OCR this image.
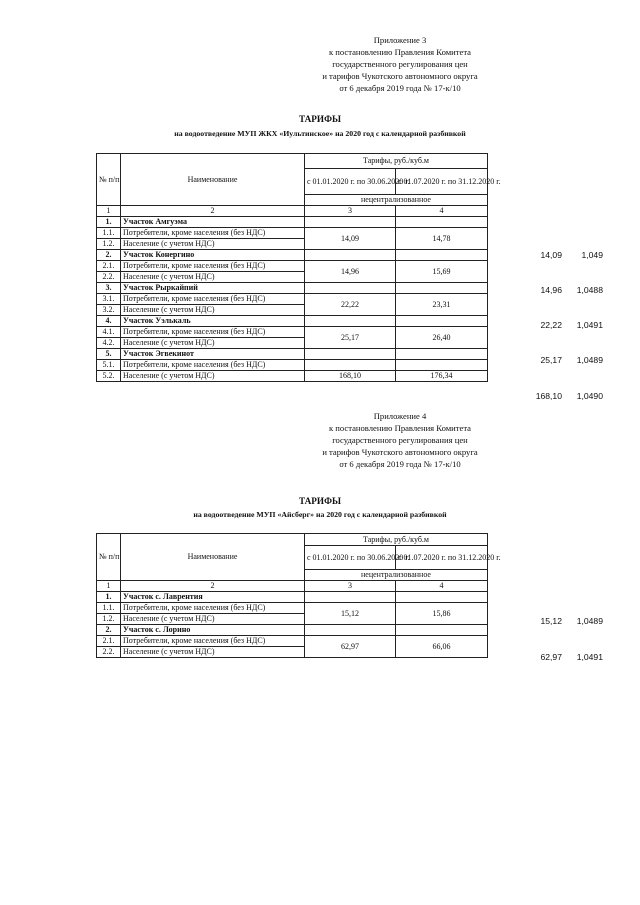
Приложение 3
к постановлению Правления Комитета
государственного регулирования цен
и тарифов Чукотского автономного округа
от 6 декабря 2019 года № 17-к/10
ТАРИФЫ
на водоотведение МУП ЖКХ «Иультинское» на 2020 год с календарной разбивкой
№ п/п	Наименование	Тарифы, руб./куб.м	
		с 01.01.2020 г. по 30.06.2020 г.	с 01.07.2020 г. по 31.12.2020 г.
		нецентрализованное	
1	2	3	4
1.	Участок Амгуэма		
1.1.	Потребители, кроме населения (без НДС)	14,09	14,78
1.2.	Население (с учетом НДС)		
2.	Участок Конергино		
2.1.	Потребители, кроме населения (без НДС)	14,96	15,69
2.2.	Население (с учетом НДС)		
3.	Участок Рыркайпий		
3.1.	Потребители, кроме населения (без НДС)	22,22	23,31
3.2.	Население (с учетом НДС)		
4.	Участок Уэлькаль		
4.1.	Потребители, кроме населения (без НДС)	25,17	26,40
4.2.	Население (с учетом НДС)		
5.	Участок Эгвекинот		
5.1.	Потребители, кроме населения (без НДС)		
5.2.	Население (с учетом НДС)	168,10	176,34
14,09	1,049
14,96	1,0488
22,22	1,0491
25,17	1,0489
168,10	1,0490
Приложение 4
к постановлению Правления Комитета
государственного регулирования цен
и тарифов Чукотского автономного округа
от 6 декабря 2019 года № 17-к/10
ТАРИФЫ
на водоотведение МУП «Айсберг» на 2020 год с календарной разбивкой
№ п/п	Наименование	Тарифы, руб./куб.м	
		с 01.01.2020 г. по 30.06.2020 г.	с 01.07.2020 г. по 31.12.2020 г.
		нецентрализованное	
1	2	3	4
1.	Участок с. Лаврентия		
1.1.	Потребители, кроме населения (без НДС)	15,12	15,86
1.2.	Население (с учетом НДС)		
2.	Участок с. Лорино		
2.1.	Потребители, кроме населения (без НДС)	62,97	66,06
2.2.	Население (с учетом НДС)		
15,12	1,0489
62,97	1,0491
